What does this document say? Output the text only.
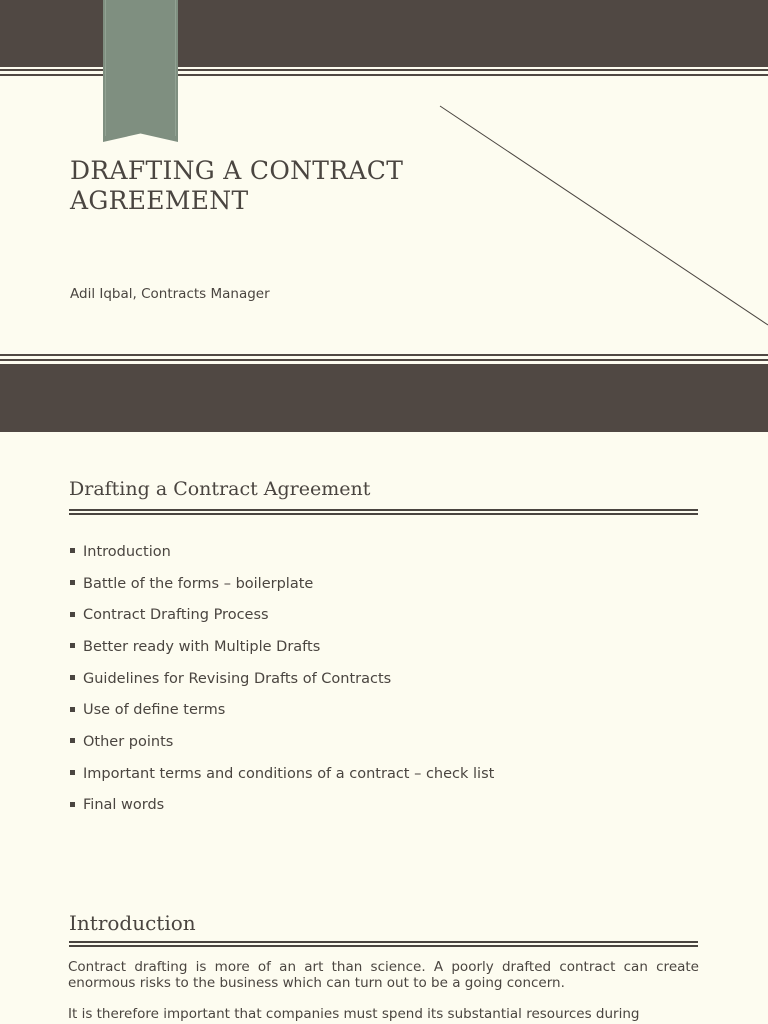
DRAFTING A CONTRACT AGREEMENT
Adil Iqbal, Contracts Manager
Drafting a Contract Agreement
Introduction
Battle of the forms – boilerplate
Contract Drafting Process
Better ready with Multiple Drafts
Guidelines for Revising Drafts of Contracts
Use of define terms
Other points
Important terms and conditions of a contract – check list
Final words
Introduction

Contract drafting is more of an art than science. A poorly drafted contract can create enormous risks to the business which can turn out to be a going concern.

It is therefore important that companies must spend its substantial resources during
